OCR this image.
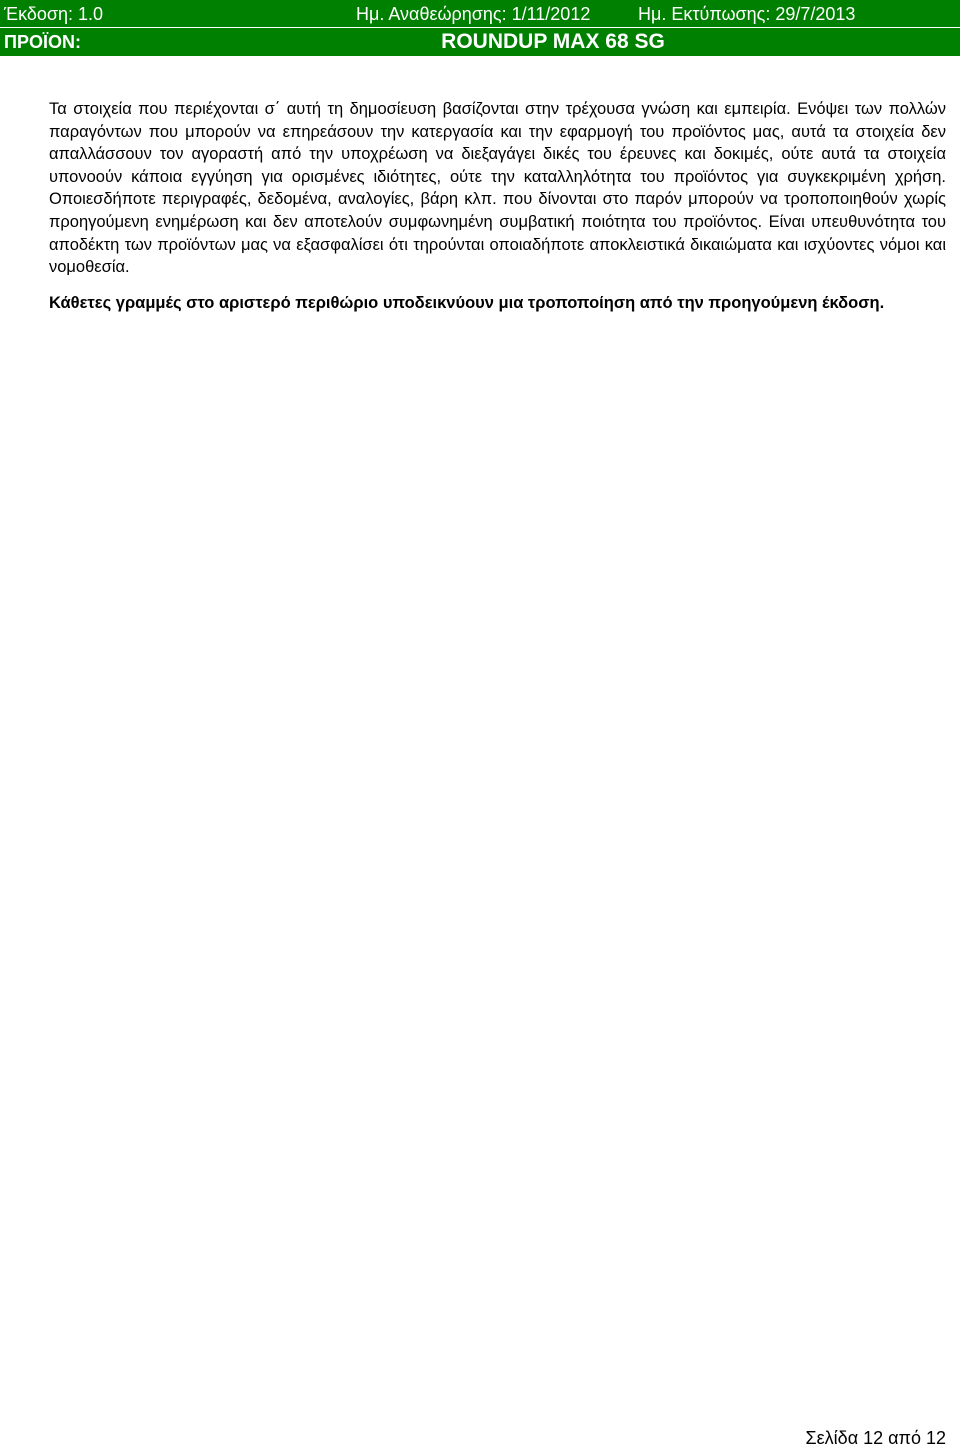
Έκδοση: 1.0	Ημ. Αναθεώρησης: 1/11/2012	Ημ. Εκτύπωσης: 29/7/2013
ΠΡΟΪΟΝ:	ROUNDUP MAX 68 SG

Τα στοιχεία που περιέχονται σ΄ αυτή τη δημοσίευση βασίζονται στην τρέχουσα γνώση και εμπειρία. Ενόψει των πολλών παραγόντων που μπορούν να επηρεάσουν την κατεργασία και την εφαρμογή του προϊόντος μας, αυτά τα στοιχεία δεν απαλλάσσουν τον αγοραστή από την υποχρέωση να διεξαγάγει δικές του έρευνες και δοκιμές, ούτε αυτά τα στοιχεία υπονοούν κάποια εγγύηση για ορισμένες ιδιότητες, ούτε την καταλληλότητα του προϊόντος για συγκεκριμένη χρήση. Οποιεσδήποτε περιγραφές, δεδομένα, αναλογίες, βάρη κλπ. που δίνονται στο παρόν μπορούν να τροποποιηθούν χωρίς προηγούμενη ενημέρωση και δεν αποτελούν συμφωνημένη συμβατική ποιότητα του προϊόντος. Είναι υπευθυνότητα του αποδέκτη των προϊόντων μας να εξασφαλίσει ότι τηρούνται οποιαδήποτε αποκλειστικά δικαιώματα και ισχύοντες νόμοι και νομοθεσία.

Κάθετες γραμμές στο αριστερό περιθώριο υποδεικνύουν μια τροποποίηση από την προηγούμενη έκδοση.

Σελίδα 12 από 12
